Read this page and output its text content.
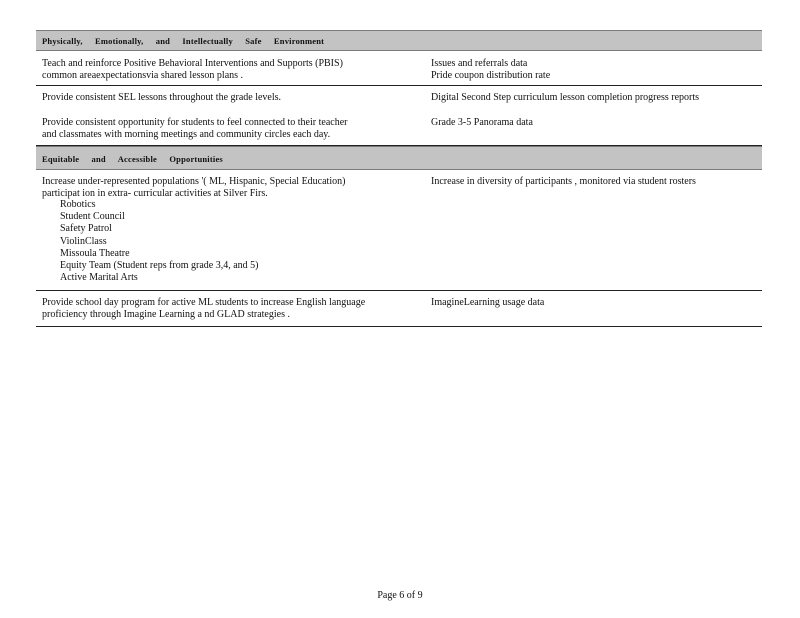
Physically, Emotionally, and Intellectually Safe Environment
Teach and reinforce Positive Behavioral Interventions and Supports (PBIS)
common areaexpectationsvia shared lesson plans .
Issues and referrals data
Pride coupon distribution rate
Provide consistent SEL lessons throughout the grade levels.	Digital Second Step curriculum lesson completion progress reports
Provide consistent opportunity for students to feel connected to their teacher
and classmates with morning meetings and community circles each day.
Grade 3-5 Panorama data
Equitable and Accessible Opportunities
Increase under-represented populations '( ML, Hispanic, Special Education)
participat ion in extra- curricular activities at Silver Firs.
Robotics
Student Council
Safety Patrol
ViolinClass
Missoula Theatre
Equity Team (Student reps from grade 3,4, and 5)
Active Marital Arts
Increase in diversity of participants , monitored via student rosters
Provide school day program for active ML students to increase English language
proficiency through Imagine Learning a nd GLAD strategies .
ImagineLearning usage data
Page 6 of 9
